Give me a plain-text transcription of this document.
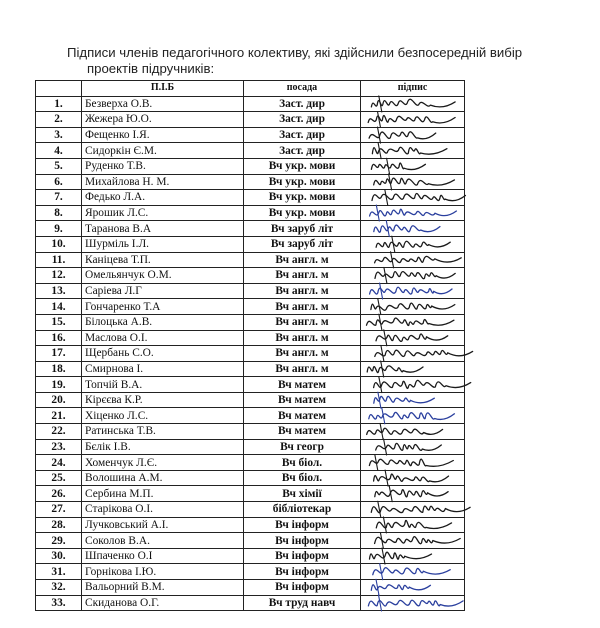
Підписи членів педагогічного колективу, які здійснили безпосередній вибір
проектів підручників:
	П.І.Б	посада	підпис
1.	Безверха О.В.	Заст. дир	
2.	Жежера Ю.О.	Заст. дир	
3.	Фещенко І.Я.	Заст. дир	
4.	Сидоркін Є.М.	Заст. дир	
5.	Руденко Т.В.	Вч укр. мови	
6.	Михайлова Н. М.	Вч укр. мови	
7.	Федько Л.А.	Вч укр. мови	
8.	Ярошик Л.С.	Вч укр. мови	
9.	Таранова В.А	Вч заруб літ	
10.	Шурміль І.Л.	Вч заруб літ	
11.	Каніцева Т.П.	Вч англ. м	
12.	Омельянчук О.М.	Вч англ. м	
13.	Саріева Л.Г	Вч англ. м	
14.	Гончаренко Т.А	Вч англ. м	
15.	Білоцька А.В.	Вч англ. м	
16.	Маслова О.І.	Вч англ. м	
17.	Щербань С.О.	Вч англ. м	
18.	Смирнова І.	Вч англ. м	
19.	Топчій В.А.	Вч матем	
20.	Кірєєва К.Р.	Вч матем	
21.	Хіценко Л.С.	Вч матем	
22.	Ратинська Т.В.	Вч матем	
23.	Бєлік І.В.	Вч геогр	
24.	Хоменчук Л.Є.	Вч біол.	
25.	Волошина А.М.	Вч біол.	
26.	Сербина М.П.	Вч хімії	
27.	Старікова О.І.	бібліотекар	
28.	Лучковський А.І.	Вч інформ	
29.	Соколов В.А.	Вч інформ	
30.	Шпаченко О.І	Вч інформ	
31.	Горнікова І.Ю.	Вч інформ	
32.	Вальорний В.М.	Вч інформ	
33.	Скиданова О.Г.	Вч труд навч	
